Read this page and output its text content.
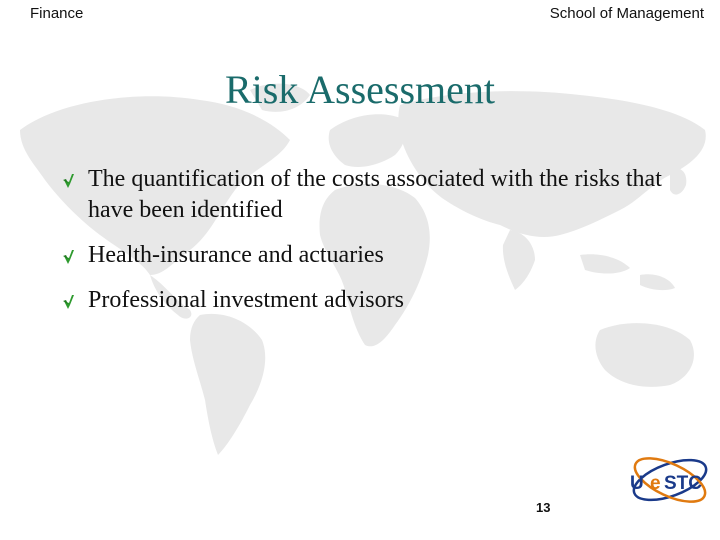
Finance	School of Management
Risk Assessment
The quantification of the costs associated with the risks that have been identified
Health-insurance and actuaries
Professional investment advisors
13
U e STC
